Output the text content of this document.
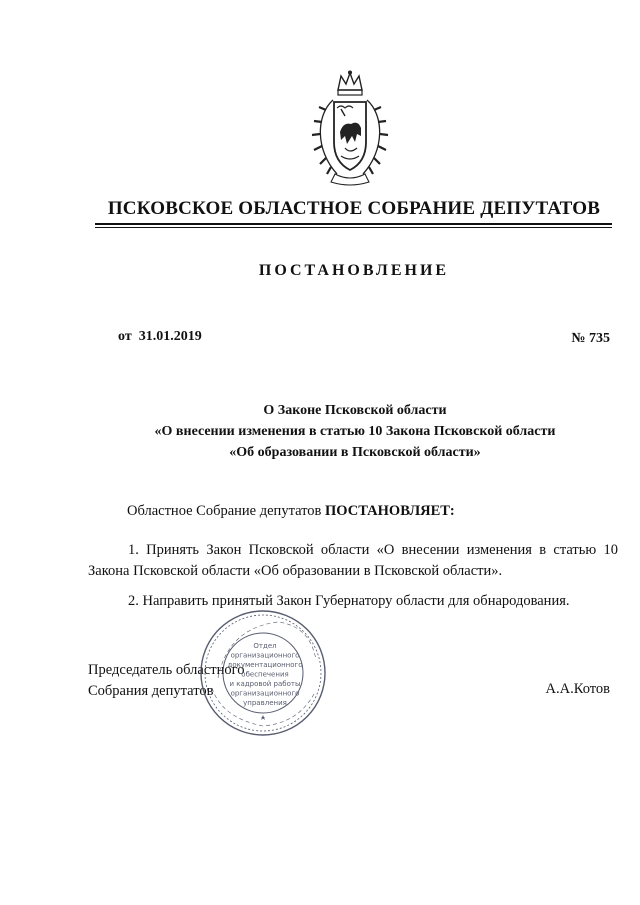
ПСКОВСКОЕ ОБЛАСТНОЕ СОБРАНИЕ ДЕПУТАТОВ
ПОСТАНОВЛЕНИЕ
от 31.01.2019	№ 735
О Законе Псковской области
«О внесении изменения в статью 10 Закона Псковской области
«Об образовании в Псковской области»
Областное Собрание депутатов ПОСТАНОВЛЯЕТ:
1. Принять Закон Псковской области «О внесении изменения в статью 10 Закона Псковской области «Об образовании в Псковской области».
2. Направить принятый Закон Губернатору области для обнародования.
Председатель областного
Собрания депутатов	А.А.Котов
Отдел
организационного
документационного
обеспечения
и кадровой работы
организационного
управления
